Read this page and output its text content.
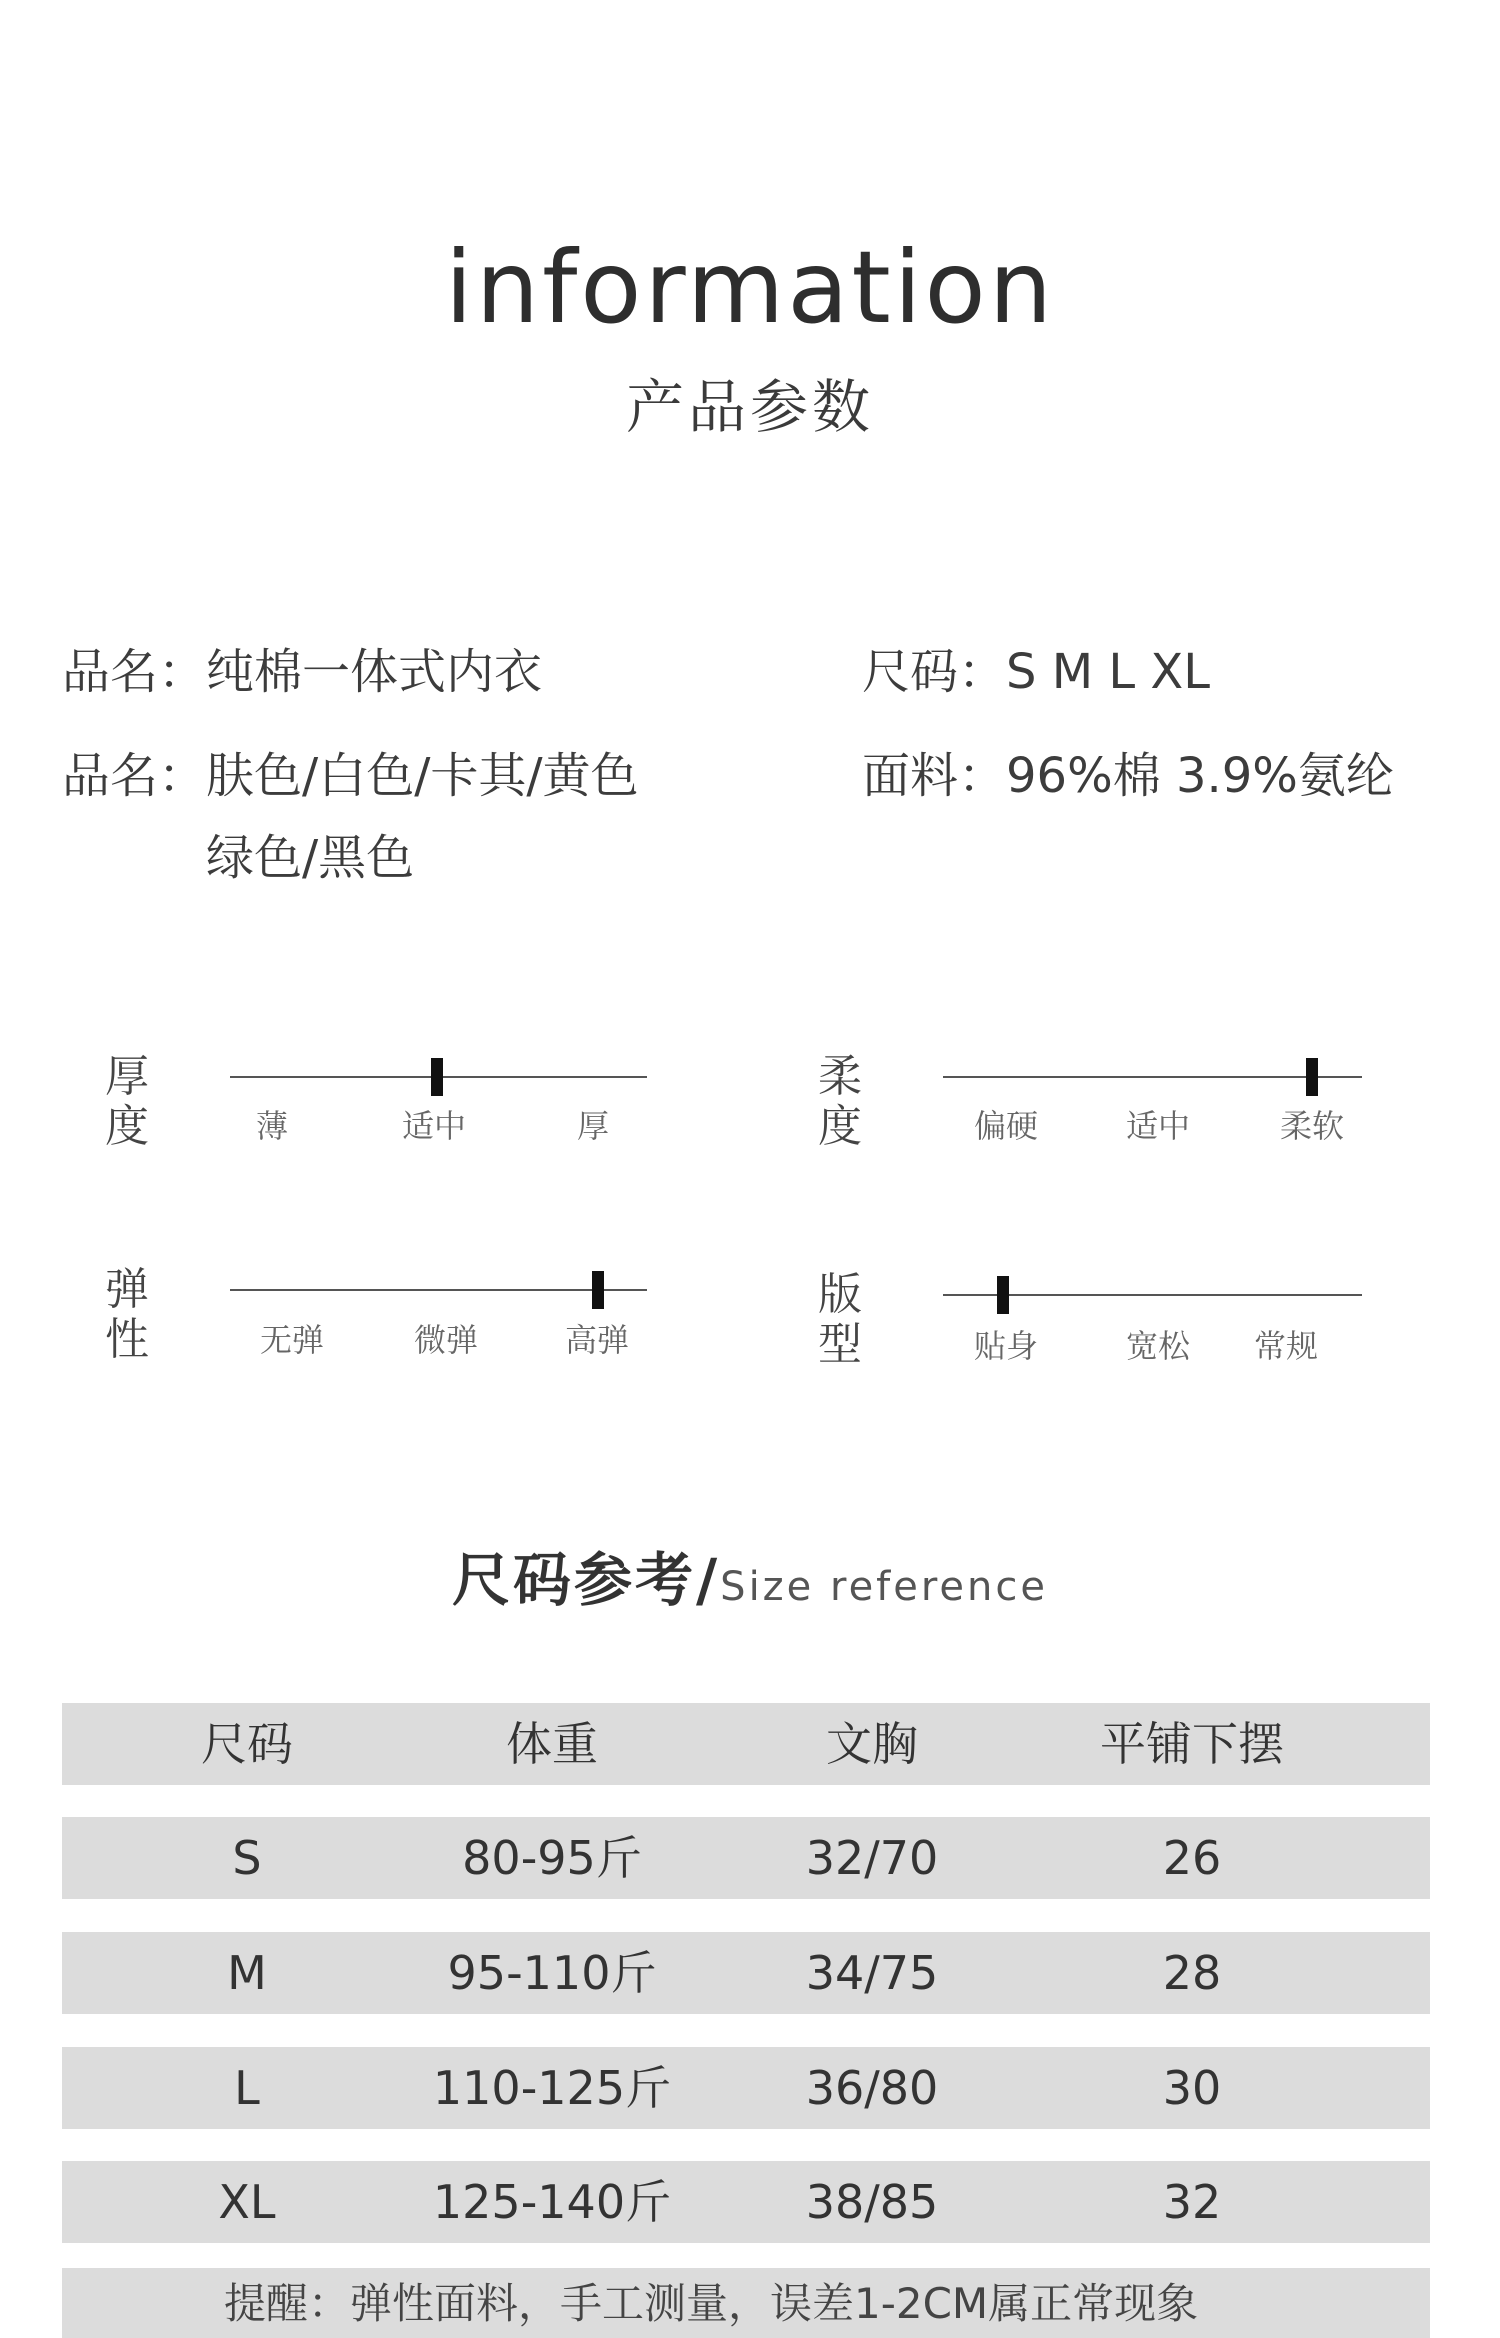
information
产品参数
品名：纯棉一体式内衣	尺码：S M L XL
品名：肤色/白色/卡其/黄色
绿色/黑色
面料：96%棉 3.9%氨纶
厚度	薄	适中	厚
柔度	偏硬	适中	柔软
弹性	无弹	微弹	高弹
版型	贴身	宽松	常规
尺码参考/Size reference
尺码	体重	文胸	平铺下摆
S	80-95斤	32/70	26
M	95-110斤	34/75	28
L	110-125斤	36/80	30
XL	125-140斤	38/85	32
提醒：弹性面料，手工测量，误差1-2CM属正常现象
